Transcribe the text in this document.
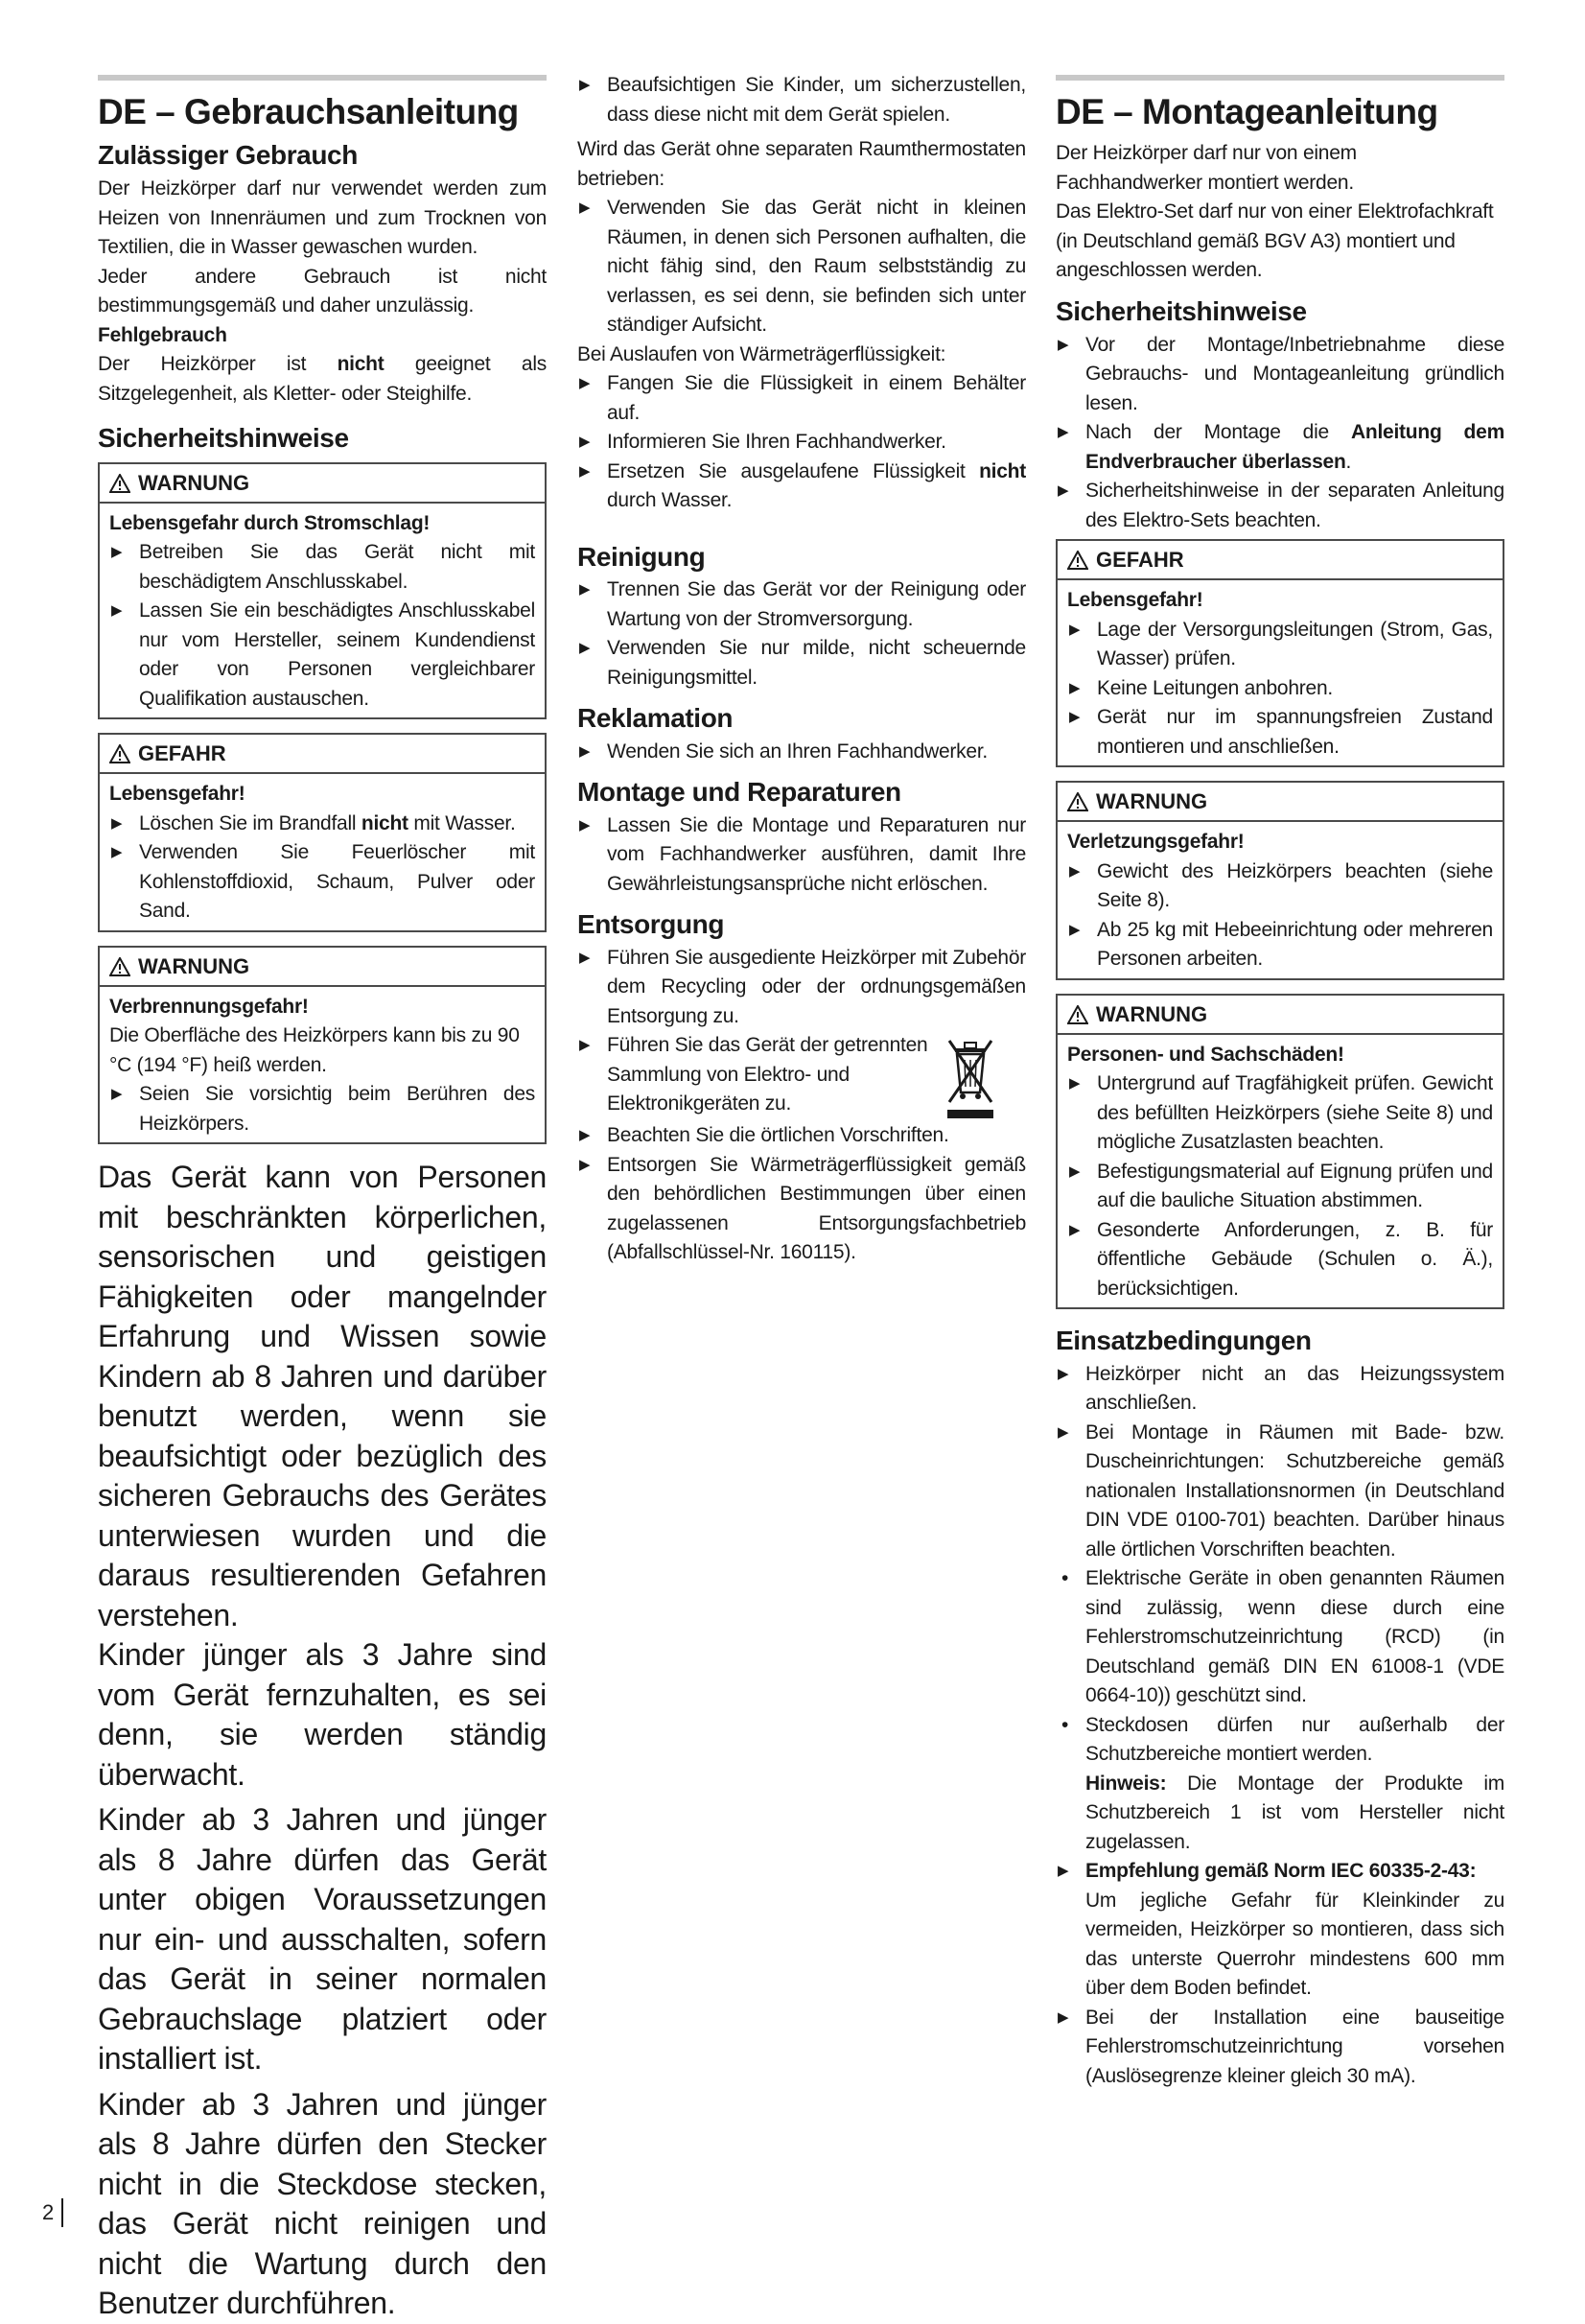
DE – Gebrauchsanleitung
Zulässiger Gebrauch

Der Heizkörper darf nur verwendet werden zum Heizen von Innenräumen und zum Trocknen von Textilien, die in Wasser gewaschen wurden.

Jeder andere Gebrauch ist nicht bestimmungsgemäß und daher unzulässig.

Fehlgebrauch

Der Heizkörper ist nicht geeignet als Sitzgelegenheit, als Kletter- oder Steighilfe.

Sicherheitshinweise
WARNUNG

Lebensgefahr durch Stromschlag!

▶ Betreiben Sie das Gerät nicht mit beschädigtem Anschlusskabel.
▶ Lassen Sie ein beschädigtes Anschlusskabel nur vom Hersteller, seinem Kundendienst oder von Personen vergleichbarer Qualifikation austauschen.
GEFAHR

Lebensgefahr!

▶ Löschen Sie im Brandfall nicht mit Wasser.
▶ Verwenden Sie Feuerlöscher mit Kohlenstoffdioxid, Schaum, Pulver oder Sand.
WARNUNG

Verbrennungsgefahr!

Die Oberfläche des Heizkörpers kann bis zu 90 °C (194 °F) heiß werden.

▶ Seien Sie vorsichtig beim Berühren des Heizkörpers.

Das Gerät kann von Personen mit beschränkten körperlichen, sensorischen und geistigen Fähigkeiten oder mangelnder Erfahrung und Wissen sowie Kindern ab 8 Jahren und darüber benutzt werden, wenn sie beaufsichtigt oder bezüglich des sicheren Gebrauchs des Gerätes unterwiesen wurden und die daraus resultierenden Gefahren verstehen.

Kinder jünger als 3 Jahre sind vom Gerät fernzuhalten, es sei denn, sie werden ständig überwacht.

Kinder ab 3 Jahren und jünger als 8 Jahre dürfen das Gerät unter obigen Voraussetzungen nur ein- und ausschalten, sofern das Gerät in seiner normalen Gebrauchslage platziert oder installiert ist.

Kinder ab 3 Jahren und jünger als 8 Jahre dürfen den Stecker nicht in die Steckdose stecken, das Gerät nicht reinigen und nicht die Wartung durch den Benutzer durchführen.

▶ Beaufsichtigen Sie Kinder, um sicherzustellen, dass diese nicht mit dem Gerät spielen.

Wird das Gerät ohne separaten Raumthermostaten betrieben:

▶ Verwenden Sie das Gerät nicht in kleinen Räumen, in denen sich Personen aufhalten, die nicht fähig sind, den Raum selbstständig zu verlassen, es sei denn, sie befinden sich unter ständiger Aufsicht.

Bei Auslaufen von Wärmeträgerflüssigkeit:

▶ Fangen Sie die Flüssigkeit in einem Behälter auf.
▶ Informieren Sie Ihren Fachhandwerker.
▶ Ersetzen Sie ausgelaufene Flüssigkeit nicht durch Wasser.
Reinigung
▶ Trennen Sie das Gerät vor der Reinigung oder Wartung von der Stromversorgung.
▶ Verwenden Sie nur milde, nicht scheuernde Reinigungsmittel.
Reklamation
▶ Wenden Sie sich an Ihren Fachhandwerker.
Montage und Reparaturen
▶ Lassen Sie die Montage und Reparaturen nur vom Fachhandwerker ausführen, damit Ihre Gewährleistungsansprüche nicht erlöschen.
Entsorgung
▶ Führen Sie ausgediente Heizkörper mit Zubehör dem Recycling oder der ordnungsgemäßen Entsorgung zu.
▶ Führen Sie das Gerät der getrennten Sammlung von Elektro- und Elektronikgeräten zu.
▶ Beachten Sie die örtlichen Vorschriften.
▶ Entsorgen Sie Wärmeträgerflüssigkeit gemäß den behördlichen Bestimmungen über einen zugelassenen Entsorgungsfachbetrieb (Abfallschlüssel-Nr. 160115).
DE – Montageanleitung

Der Heizkörper darf nur von einem Fachhandwerker montiert werden.

Das Elektro-Set darf nur von einer Elektrofachkraft (in Deutschland gemäß BGV A3) montiert und angeschlossen werden.

Sicherheitshinweise
▶ Vor der Montage/Inbetriebnahme diese Gebrauchs- und Montageanleitung gründlich lesen.
▶ Nach der Montage die Anleitung dem Endverbraucher überlassen.
▶ Sicherheitshinweise in der separaten Anleitung des Elektro-Sets beachten.
GEFAHR

Lebensgefahr!

▶ Lage der Versorgungsleitungen (Strom, Gas, Wasser) prüfen.
▶ Keine Leitungen anbohren.
▶ Gerät nur im spannungsfreien Zustand montieren und anschließen.
WARNUNG

Verletzungsgefahr!

▶ Gewicht des Heizkörpers beachten (siehe Seite 8).
▶ Ab 25 kg mit Hebeeinrichtung oder mehreren Personen arbeiten.
WARNUNG

Personen- und Sachschäden!

▶ Untergrund auf Tragfähigkeit prüfen. Gewicht des befüllten Heizkörpers (siehe Seite 8) und mögliche Zusatzlasten beachten.
▶ Befestigungsmaterial auf Eignung prüfen und auf die bauliche Situation abstimmen.
▶ Gesonderte Anforderungen, z. B. für öffentliche Gebäude (Schulen o. Ä.), berücksichtigen.
Einsatzbedingungen
▶ Heizkörper nicht an das Heizungssystem anschließen.
▶ Bei Montage in Räumen mit Bade- bzw. Duscheinrichtungen: Schutzbereiche gemäß nationalen Installationsnormen (in Deutschland DIN VDE 0100-701) beachten. Darüber hinaus alle örtlichen Vorschriften beachten.
• Elektrische Geräte in oben genannten Räumen sind zulässig, wenn diese durch eine Fehlerstromschutzeinrichtung (RCD) (in Deutschland gemäß DIN EN 61008-1 (VDE 0664-10)) geschützt sind.
• Steckdosen dürfen nur außerhalb der Schutzbereiche montiert werden.
Hinweis: Die Montage der Produkte im Schutzbereich 1 ist vom Hersteller nicht zugelassen.
▶ Empfehlung gemäß Norm IEC 60335-2-43:
Um jegliche Gefahr für Kleinkinder zu vermeiden, Heizkörper so montieren, dass sich das unterste Querrohr mindestens 600 mm über dem Boden befindet.
▶ Bei der Installation eine bauseitige Fehlerstromschutzeinrichtung vorsehen (Auslösegrenze kleiner gleich 30 mA).
2
